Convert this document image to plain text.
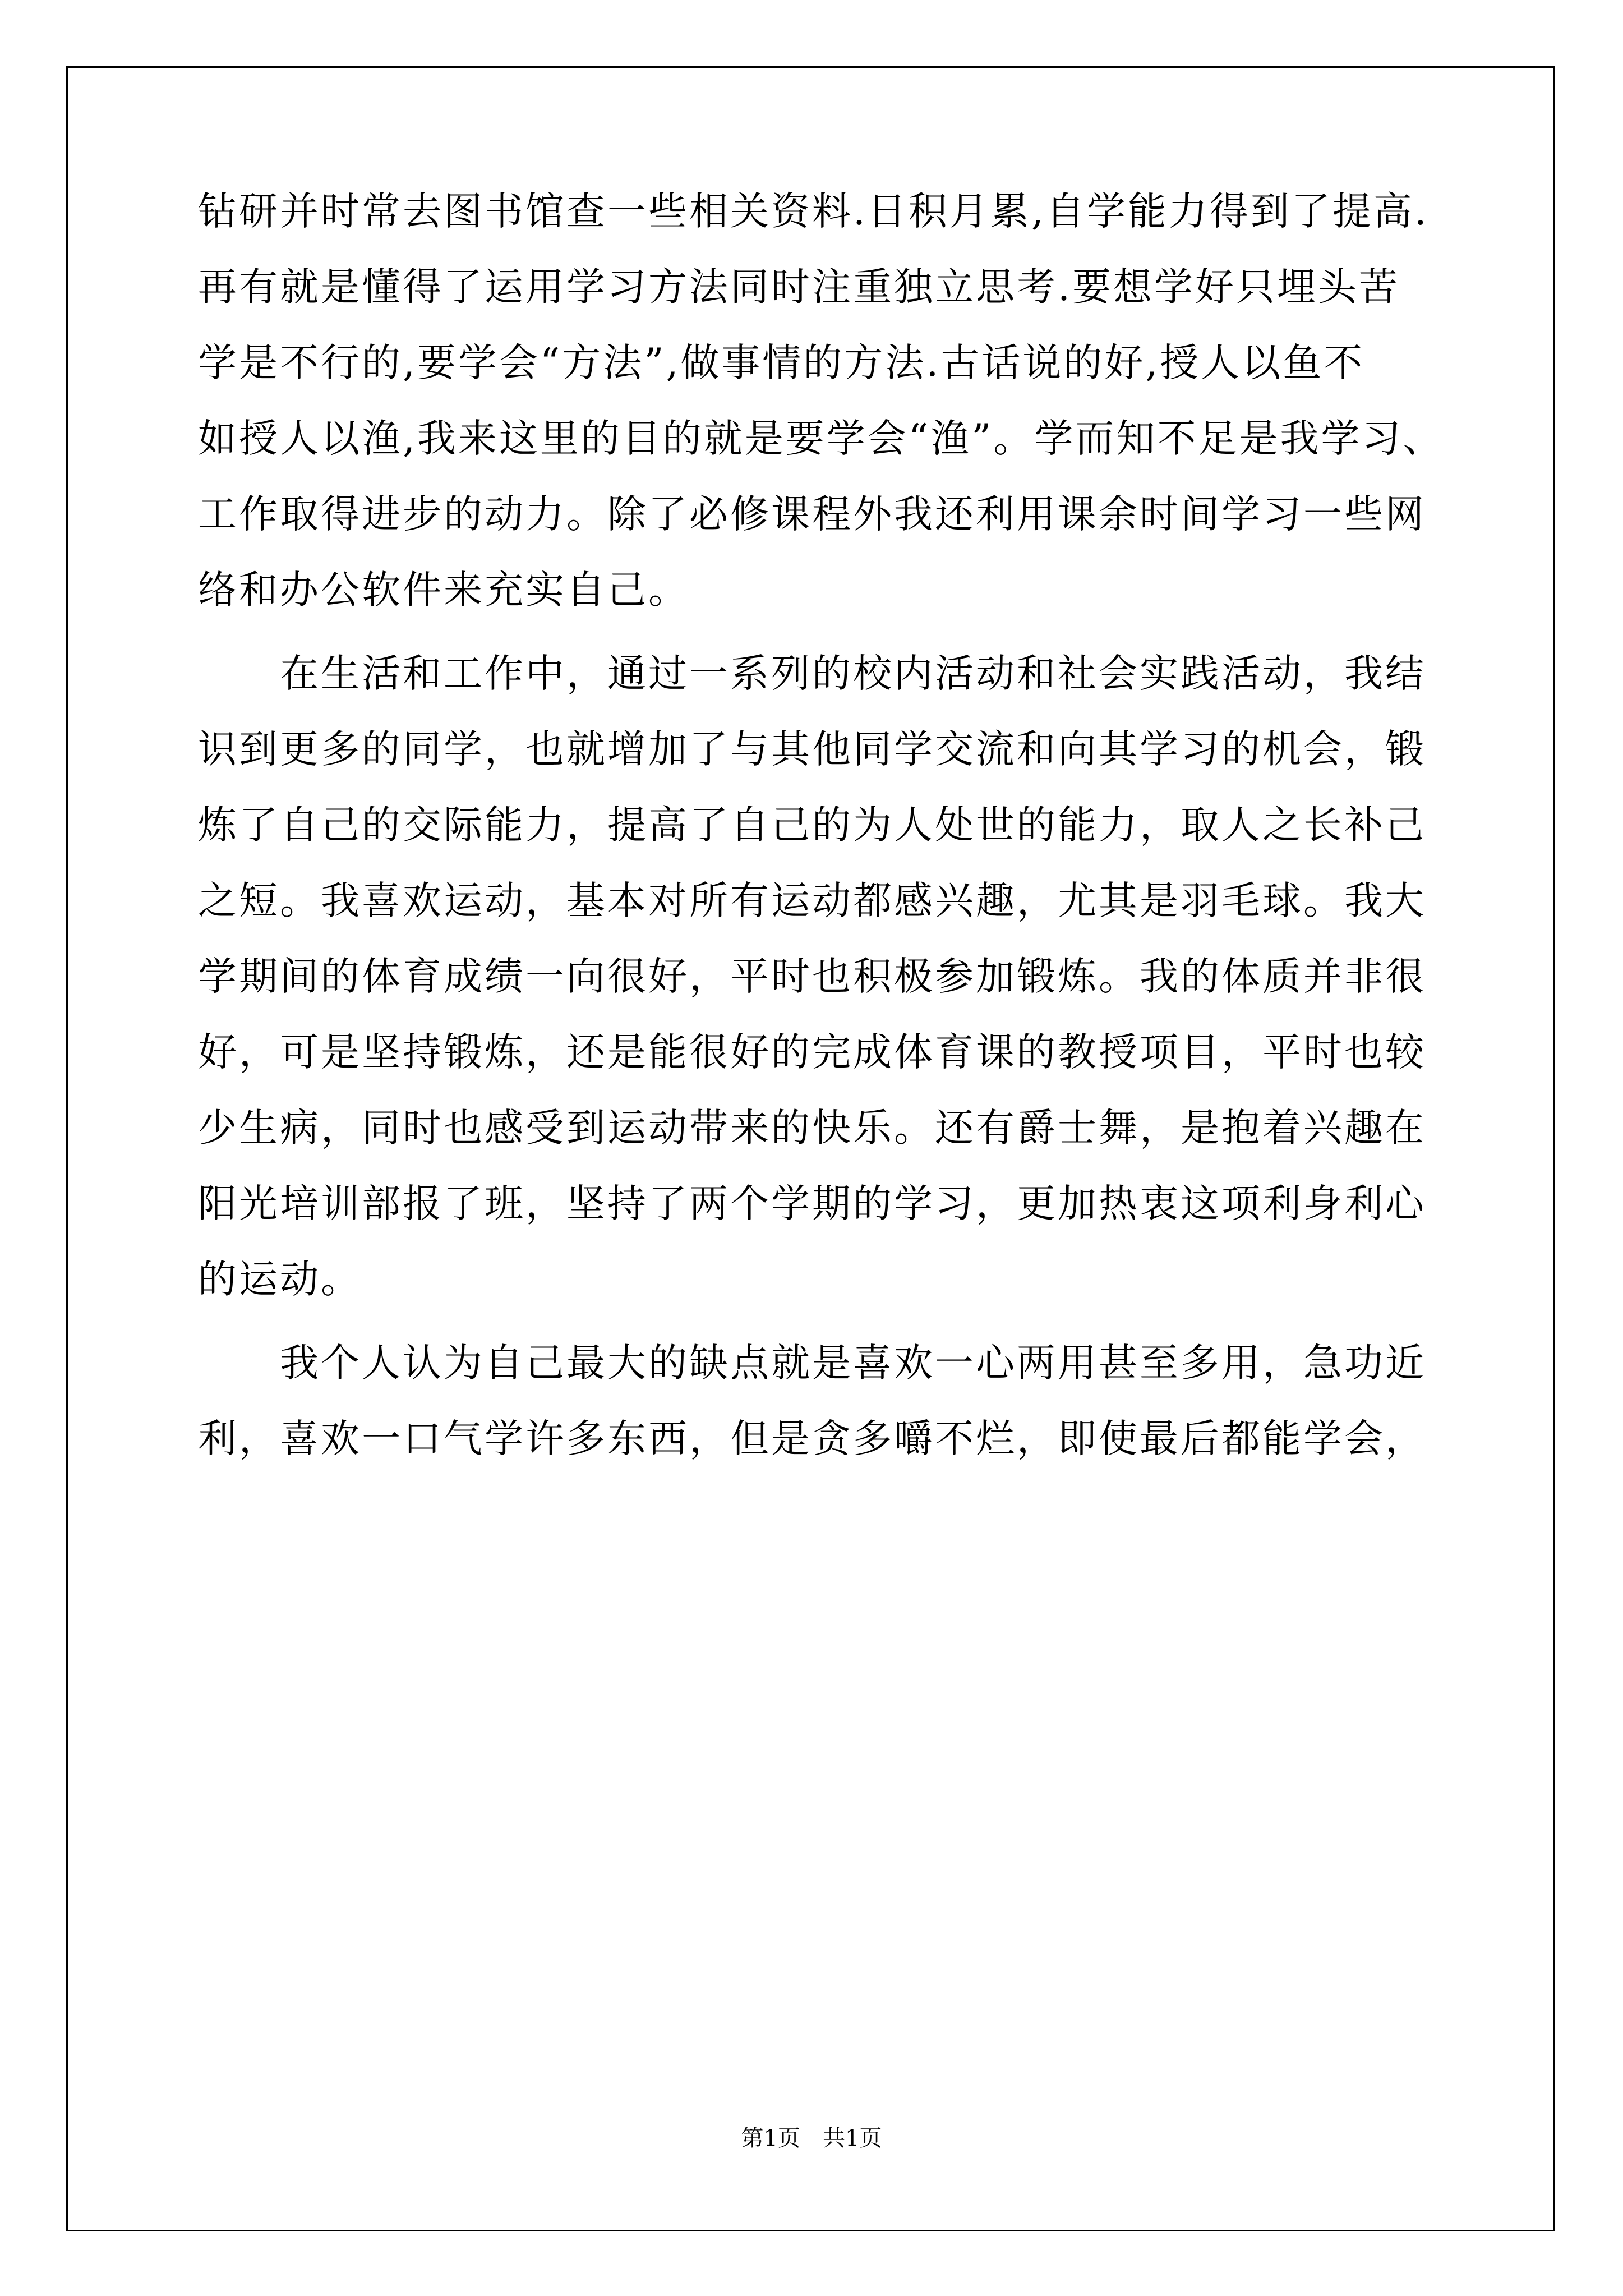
钻研并时常去图书馆查一些相关资料.日积月累,自学能力得到了提高.
再有就是懂得了运用学习方法同时注重独立思考.要想学好只埋头苦
学是不行的,要学会“方法”,做事情的方法.古话说的好,授人以鱼不
如授人以渔,我来这里的目的就是要学会“渔”。学而知不足是我学习、
工作取得进步的动力。除了必修课程外我还利用课余时间学习一些网
络和办公软件来充实自己。
　　在生活和工作中，通过一系列的校内活动和社会实践活动，我结
识到更多的同学，也就增加了与其他同学交流和向其学习的机会，锻
炼了自己的交际能力，提高了自己的为人处世的能力，取人之长补己
之短。我喜欢运动，基本对所有运动都感兴趣，尤其是羽毛球。我大
学期间的体育成绩一向很好，平时也积极参加锻炼。我的体质并非很
好，可是坚持锻炼，还是能很好的完成体育课的教授项目，平时也较
少生病，同时也感受到运动带来的快乐。还有爵士舞，是抱着兴趣在
阳光培训部报了班，坚持了两个学期的学习，更加热衷这项利身利心
的运动。
　　我个人认为自己最大的缺点就是喜欢一心两用甚至多用，急功近
利，喜欢一口气学许多东西，但是贪多嚼不烂，即使最后都能学会，
第1页　共1页
